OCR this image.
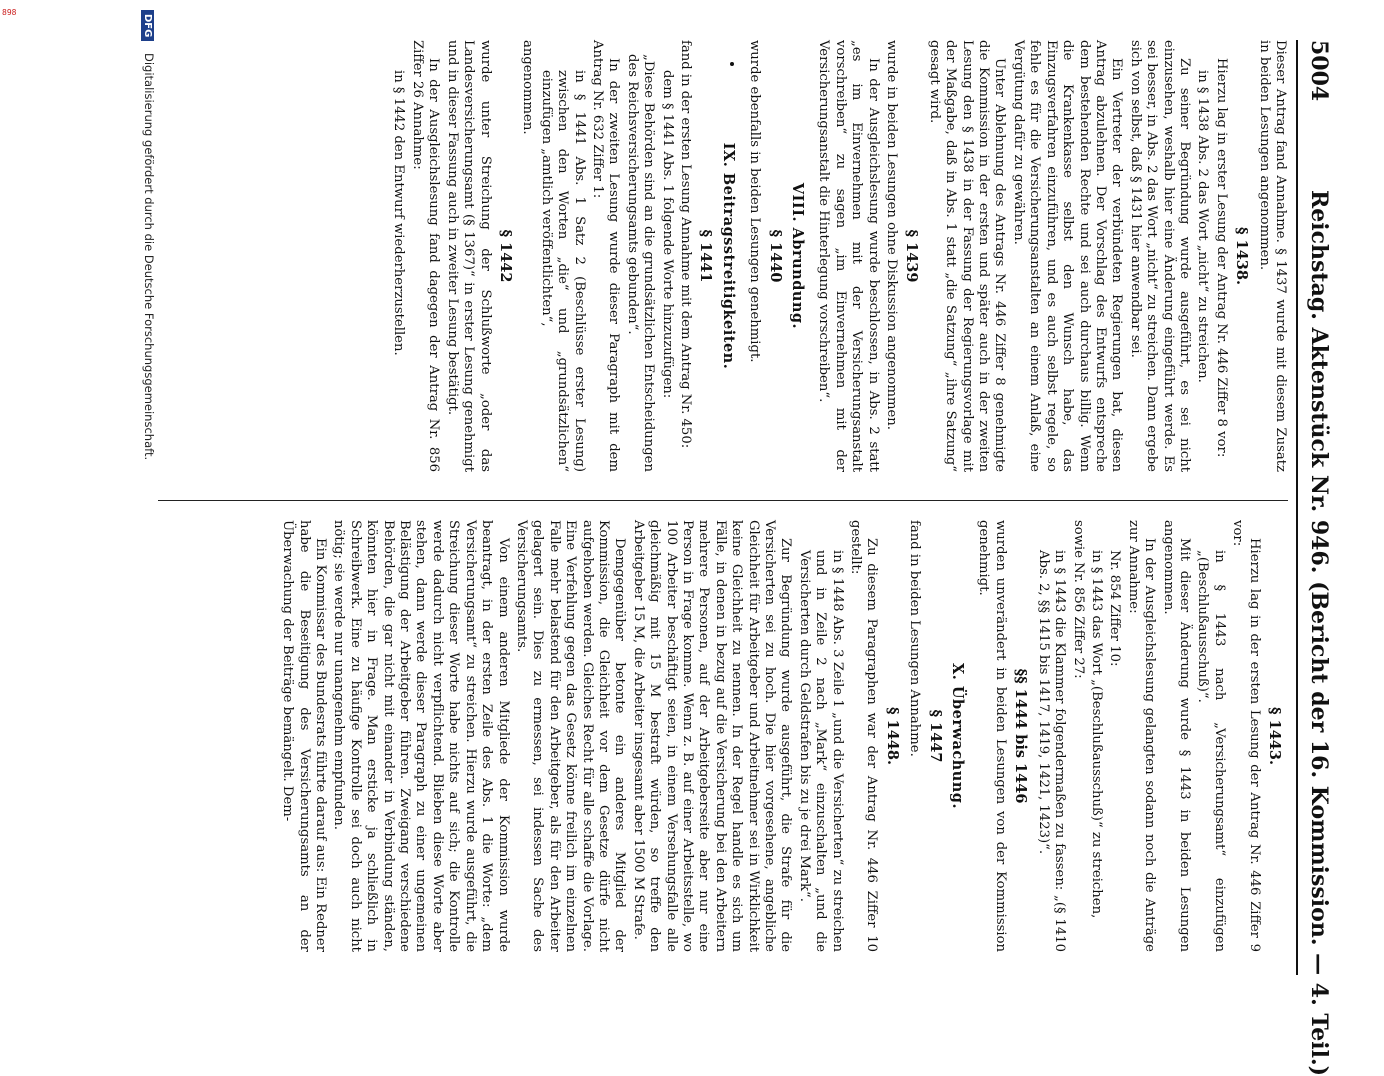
898
5004
Reichstag. Aktenstück Nr. 946. (Bericht der 16. Kommission. — 4. Teil.)

Dieser Antrag fand Annahme. § 1437 wurde mit diesem Zusatz in beiden Lesungen angenommen.

§ 1438.

Hierzu lag in erster Lesung der Antrag Nr. 446 Ziffer 8 vor:

in § 1438 Abs. 2 das Wort „nicht“ zu streichen.

Zu seiner Begründung wurde ausgeführt, es sei nicht einzusehen, weshalb hier eine Änderung eingeführt werde. Es sei besser, in Abs. 2 das Wort „nicht“ zu streichen. Dann ergebe sich von selbst, daß § 1431 hier anwendbar sei.

Ein Vertreter der verbündeten Regierungen bat, diesen Antrag abzulehnen. Der Vorschlag des Entwurfs entspreche dem bestehenden Rechte und sei auch durchaus billig. Wenn die Krankenkasse selbst den Wunsch habe, das Einzugsverfahren einzuführen, und es auch selbst regele, so fehle es für die Versicherungsanstalten an einem Anlaß, eine Vergütung dafür zu gewähren.

Unter Ablehnung des Antrags Nr. 446 Ziffer 8 genehmigte die Kommission in der ersten und später auch in der zweiten Lesung den § 1438 in der Fassung der Regierungsvorlage mit der Maßgabe, daß in Abs. 1 statt „die Satzung“ „ihre Satzung“ gesagt wird.

§ 1439

wurde in beiden Lesungen ohne Diskussion angenommen.

In der Ausgleichslesung wurde beschlossen, in Abs. 2 statt „es im Einvernehmen mit der Versicherungsanstalt vorschreiben“ zu sagen „im Einvernehmen mit der Versicherungsanstalt die Hinterlegung vorschreiben“.

VIII. Abrundung.
§ 1440

wurde ebenfalls in beiden Lesungen genehmigt.

IX. Beitragsstreitigkeiten.
§ 1441

fand in der ersten Lesung Annahme mit dem Antrag Nr. 450:

dem § 1441 Abs. 1 folgende Worte hinzuzufügen:

„Diese Behörden sind an die grundsätzlichen Entscheidungen des Reichsversicherungsamts gebunden“.

In der zweiten Lesung wurde dieser Paragraph mit dem Antrag Nr. 632 Ziffer 1:

in § 1441 Abs. 1 Satz 2 (Beschlüsse erster Lesung) zwischen den Worten „die“ und „grundsätzlichen“ einzufügen „amtlich veröffentlichten“,

angenommen.

§ 1442

wurde unter Streichung der Schlußworte „oder das Landesversicherungsamt (§ 1367)“ in erster Lesung genehmigt und in dieser Fassung auch in zweiter Lesung bestätigt.

In der Ausgleichslesung fand dagegen der Antrag Nr. 856 Ziffer 26 Annahme:

in § 1442 den Entwurf wiederherzustellen.

§ 1443.

Hierzu lag in der ersten Lesung der Antrag Nr. 446 Ziffer 9 vor:

in § 1443 nach „Versicherungsamt“ einzufügen „(Beschlußausschuß)“.

Mit dieser Änderung wurde § 1443 in beiden Lesungen angenommen.

In der Ausgleichslesung gelangten sodann noch die Anträge zur Annahme:

Nr. 854 Ziffer 10:

in § 1443 das Wort „(Beschlußausschuß)“ zu streichen,

sowie Nr. 856 Ziffer 27:

in § 1443 die Klammer folgendermaßen zu fassen: „(§ 1410 Abs. 2, §§ 1415 bis 1417, 1419, 1421, 1423)“.

§§ 1444 bis 1446

wurden unverändert in beiden Lesungen von der Kommission genehmigt.

X. Überwachung.
§ 1447

fand in beiden Lesungen Annahme.

§ 1448.

Zu diesem Paragraphen war der Antrag Nr. 446 Ziffer 10 gestellt:

in § 1448 Abs. 3 Zeile 1 „und die Versicherten“ zu streichen und in Zeile 2 nach „Mark“ einzuschalten „und die Versicherten durch Geldstrafen bis zu je drei Mark“.

Zur Begründung wurde ausgeführt, die Strafe für die Versicherten sei zu hoch. Die hier vorgesehene, angebliche Gleichheit für Arbeitgeber und Arbeitnehmer sei in Wirklichkeit keine Gleichheit zu nennen. In der Regel handle es sich um Fälle, in denen in bezug auf die Versicherung bei den Arbeitern mehrere Personen, auf der Arbeitgeberseite aber nur eine Person in Frage komme. Wenn z. B. auf einer Arbeitsstelle, wo 100 Arbeiter beschäftigt seien, in einem Versehungsfalle alle gleichmäßig mit 15 M bestraft würden, so treffe den Arbeitgeber 15 M, die Arbeiter insgesamt aber 1500 M Strafe.

Demgegenüber betonte ein anderes Mitglied der Kommission, die Gleichheit vor dem Gesetze dürfe nicht aufgehoben werden. Gleiches Recht für alle schaffe die Vorlage. Eine Verfehlung gegen das Gesetz könne freilich im einzelnen Falle mehr belastend für den Arbeitgeber, als für den Arbeiter gelagert sein. Dies zu ermessen, sei indessen Sache des Versicherungsamts.

Von einem anderen Mitgliede der Kommission wurde beantragt, in der ersten Zeile des Abs. 1 die Worte: „dem Versicherungsamt“ zu streichen. Hierzu wurde ausgeführt, die Streichung dieser Worte habe nichts auf sich; die Kontrolle werde dadurch nicht verpflichtend. Blieben diese Worte aber stehen, dann werde dieser Paragraph zu einer ungemeinen Belästigung der Arbeitgeber führen. Zweigang verschiedene Behörden, die gar nicht mit einander in Verbindung ständen, könnten hier in Frage. Man ersticke ja schließlich in Schreibwerk. Eine zu häufige Kontrolle sei doch auch nicht nötig; sie werde nur unangenehm empfunden.

Ein Kommissar des Bundesrats führte darauf aus: Ein Redner habe die Beseitigung des Versicherungsamts an der Überwachung der Beiträge bemängelt. Dem-

DFG Digitalisierung gefördert durch die Deutsche Forschungsgemeinschaft.
